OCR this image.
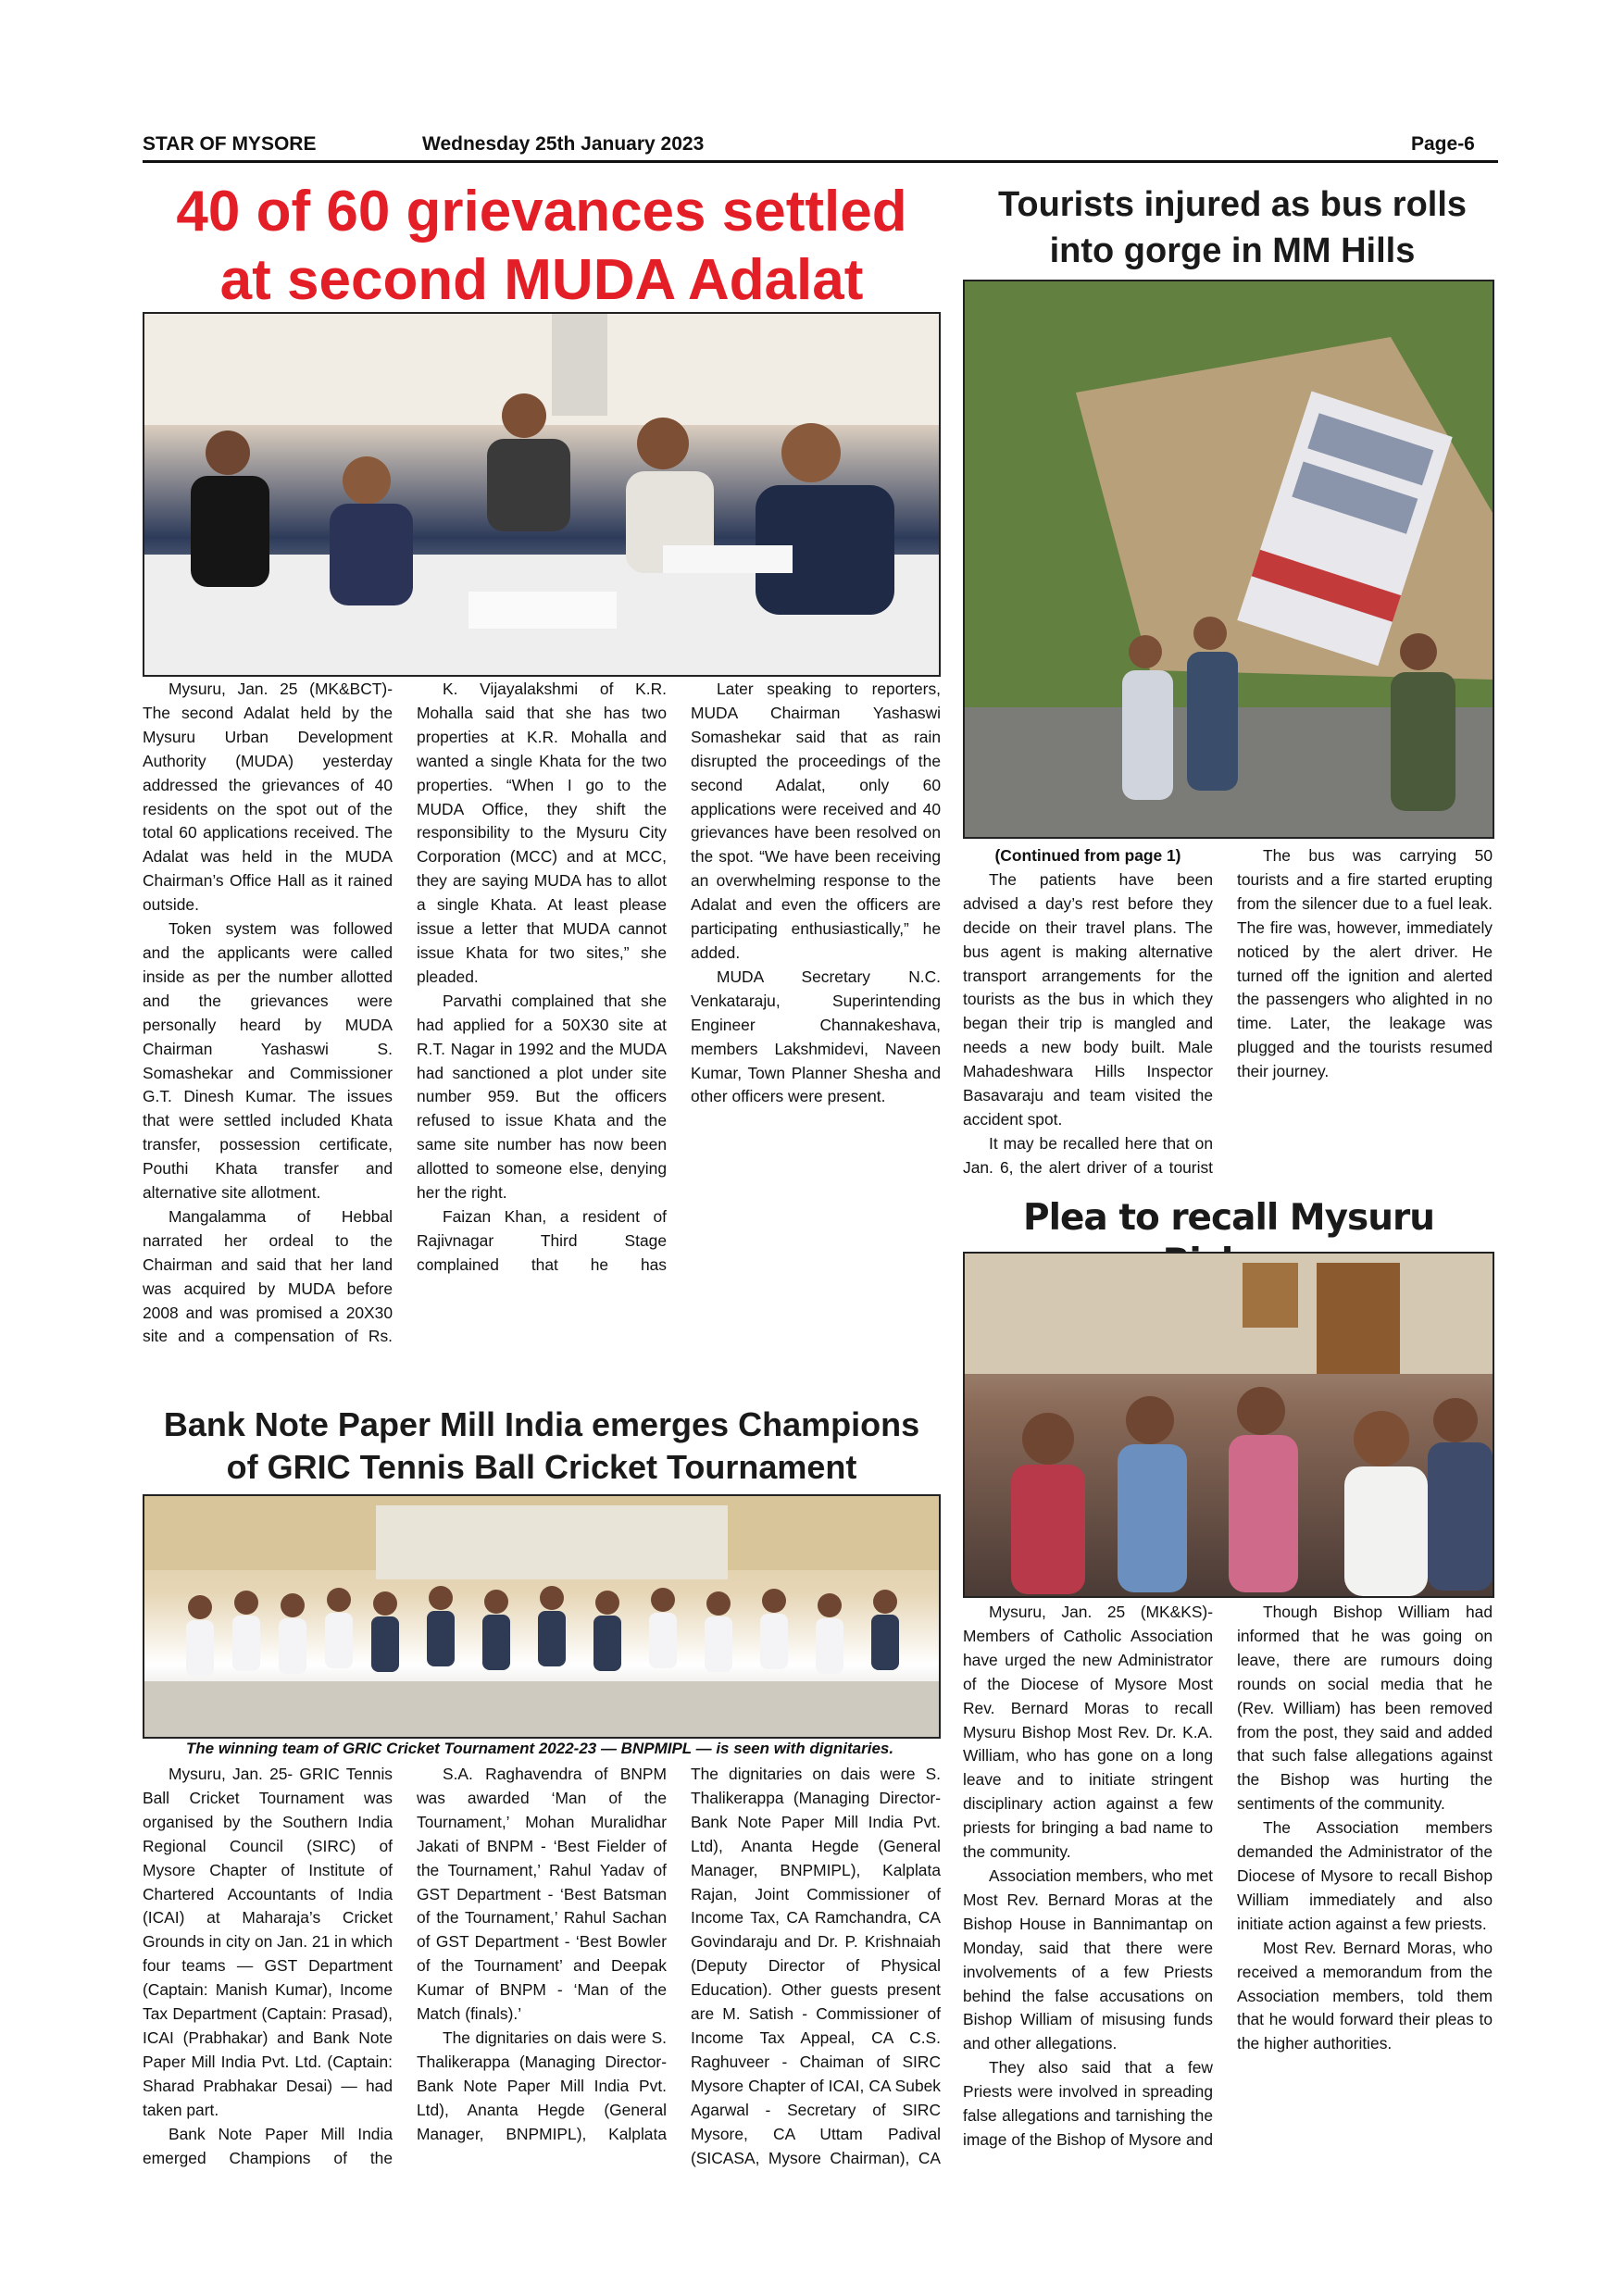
STAR OF MYSORE	Wednesday 25th January 2023	Page-6
40 of 60 grievances settled
at second MUDA Adalat

Mysuru, Jan. 25 (MK&BCT)- The second Adalat held by the Mysuru Urban Development Authority (MUDA) yesterday addressed the grievances of 40 residents on the spot out of the total 60 applications received. The Adalat was held in the MUDA Chairman’s Office Hall as it rained outside.

Token system was followed and the applicants were called inside as per the number allotted and the grievances were personally heard by MUDA Chairman Yashaswi S. Somashekar and Commissioner G.T. Dinesh Kumar. The issues that were settled included Khata transfer, possession certificate, Pouthi Khata transfer and alternative site allotment.

Mangalamma of Hebbal narrated her ordeal to the Chairman and said that her land was acquired by MUDA before 2008 and was promised a 20X30 site and a compensation of Rs.

K. Vijayalakshmi of K.R. Mohalla said that she has two properties at K.R. Mohalla and wanted a single Khata for the two properties. “When I go to the MUDA Office, they shift the responsibility to the Mysuru City Corporation (MCC) and at MCC, they are saying MUDA has to allot a single Khata. At least please issue a letter that MUDA cannot issue Khata for two sites,” she pleaded.

Parvathi complained that she had applied for a 50X30 site at R.T. Nagar in 1992 and the MUDA had sanctioned a plot under site number 959. But the officers refused to issue Khata and the same site number has now been allotted to someone else, denying her the right.

Faizan Khan, a resident of Rajivnagar Third Stage complained that he has

Later speaking to reporters, MUDA Chairman Yashaswi Somashekar said that as rain disrupted the proceedings of the second Adalat, only 60 applications were received and 40 grievances have been resolved on the spot. “We have been receiving an overwhelming response to the Adalat and even the officers are participating enthusiastically,” he added.

MUDA Secretary N.C. Venkataraju, Superintending Engineer Channakeshava, members Lakshmidevi, Naveen Kumar, Town Planner Shesha and other officers were present.

Tourists injured as bus rolls
into gorge in MM Hills

(Continued from page 1)

The patients have been advised a day’s rest before they decide on their travel plans. The bus agent is making alternative transport arrangements for the tourists as the bus in which they began their trip is mangled and needs a new body built. Male Mahadeshwara Hills Inspector Basavaraju and team visited the accident spot.

It may be recalled here that on Jan. 6, the alert driver of a tourist

The bus was carrying 50 tourists and a fire started erupting from the silencer due to a fuel leak. The fire was, however, immediately noticed by the alert driver. He turned off the ignition and alerted the passengers who alighted in no time. Later, the leakage was plugged and the tourists resumed their journey.

Plea to recall Mysuru

Mysuru, Jan. 25 (MK&KS)- Members of Catholic Association have urged the new Administrator of the Diocese of Mysore Most Rev. Bernard Moras to recall Mysuru Bishop Most Rev. Dr. K.A. William, who has gone on a long leave and to initiate stringent disciplinary action against a few priests for bringing a bad name to the community.

Association members, who met Most Rev. Bernard Moras at the Bishop House in Bannimantap on Monday, said that there were involvements of a few Priests behind the false accusations on Bishop William of misusing funds and other allegations.

They also said that a few Priests were involved in spreading false allegations and tarnishing the image of the Bishop of Mysore and

Though Bishop William had informed that he was going on leave, there are rumours doing rounds on social media that he (Rev. William) has been removed from the post, they said and added that such false allegations against the Bishop was hurting the sentiments of the community.

The Association members demanded the Administrator of the Diocese of Mysore to recall Bishop William immediately and also initiate action against a few priests.

Most Rev. Bernard Moras, who received a memorandum from the Association members, told them that he would forward their pleas to the higher authorities.

Bank Note Paper Mill India emerges Champions
of GRIC Tennis Ball Cricket Tournament
The winning team of GRIC Cricket Tournament 2022-23 — BNPMIPL — is seen with dignitaries.

Mysuru, Jan. 25- GRIC Tennis Ball Cricket Tournament was organised by the Southern India Regional Council (SIRC) of Mysore Chapter of Institute of Chartered Accountants of India (ICAI) at Maharaja’s Cricket Grounds in city on Jan. 21 in which four teams — GST Department (Captain: Manish Kumar), Income Tax Department (Captain: Prasad), ICAI (Prabhakar) and Bank Note Paper Mill India Pvt. Ltd. (Captain: Sharad Prabhakar Desai) — had taken part.

Bank Note Paper Mill India emerged Champions of the

S.A. Raghavendra of BNPM was awarded ‘Man of the Tournament,’ Mohan Muralidhar Jakati of BNPM - ‘Best Fielder of the Tournament,’ Rahul Yadav of GST Department - ‘Best Batsman of the Tournament,’ Rahul Sachan of GST Department - ‘Best Bowler of the Tournament’ and Deepak Kumar of BNPM - ‘Man of the Match (finals).’

The dignitaries on dais were S. Thalikerappa (Managing Director- Bank Note Paper Mill India Pvt. Ltd), Ananta Hegde (General Manager, BNPMIPL), Kalplata

The dignitaries on dais were S. Thalikerappa (Managing Director- Bank Note Paper Mill India Pvt. Ltd), Ananta Hegde (General Manager, BNPMIPL), Kalplata Rajan, Joint Commissioner of Income Tax, CA Ramchandra, CA Govindaraju and Dr. P. Krishnaiah (Deputy Director of Physical Education). Other guests present are M. Satish - Commissioner of Income Tax Appeal, CA C.S. Raghuveer - Chaiman of SIRC Mysore Chapter of ICAI, CA Subek Agarwal - Secretary of SIRC Mysore, CA Uttam Padival (SICASA, Mysore Chairman), CA
